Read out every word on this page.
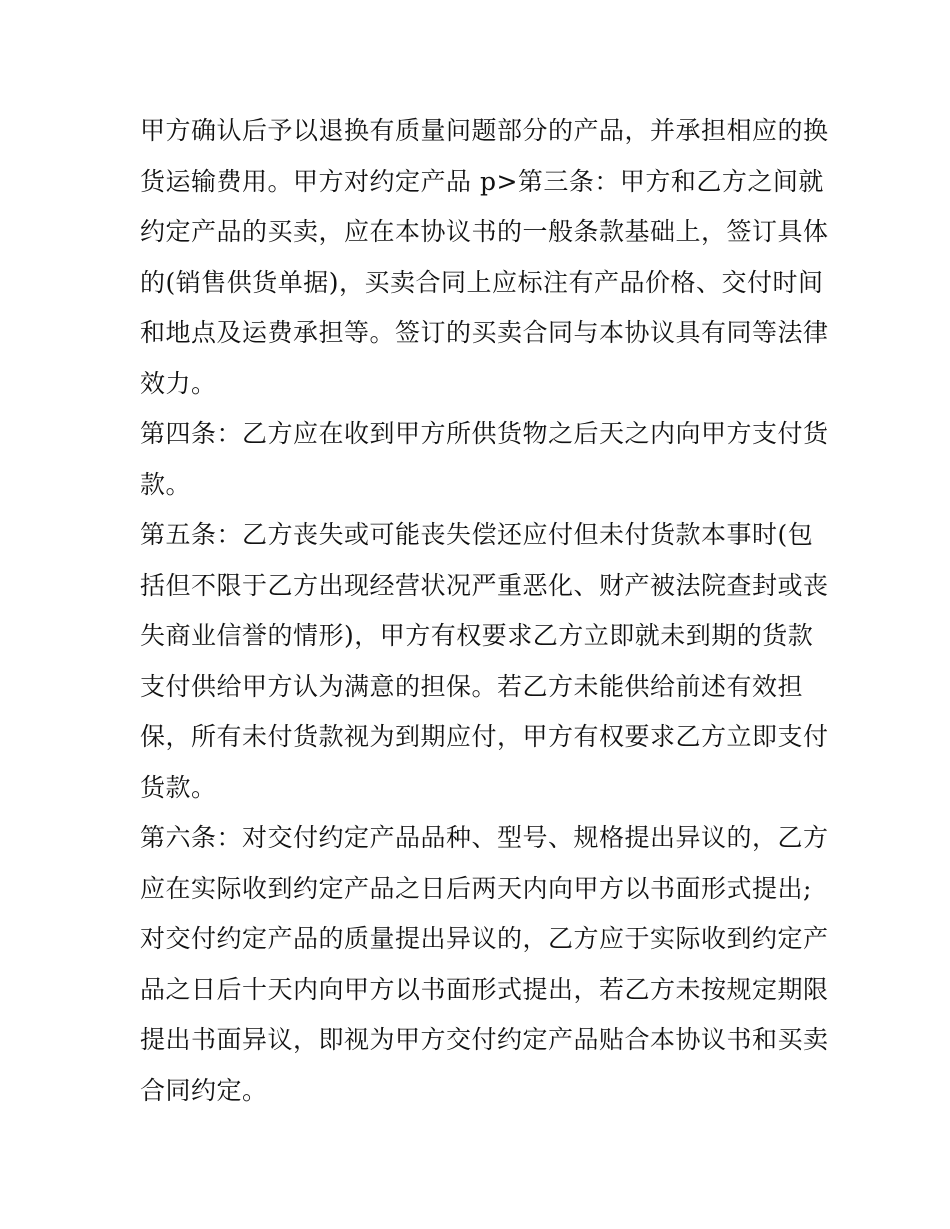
甲方确认后予以退换有质量问题部分的产品，并承担相应的换
货运输费用。甲方对约定产品 p>第三条：甲方和乙方之间就
约定产品的买卖，应在本协议书的一般条款基础上，签订具体
的(销售供货单据)，买卖合同上应标注有产品价格、交付时间
和地点及运费承担等。签订的买卖合同与本协议具有同等法律
效力。
第四条：乙方应在收到甲方所供货物之后天之内向甲方支付货
款。
第五条：乙方丧失或可能丧失偿还应付但未付货款本事时(包
括但不限于乙方出现经营状况严重恶化、财产被法院查封或丧
失商业信誉的情形)，甲方有权要求乙方立即就未到期的货款
支付供给甲方认为满意的担保。若乙方未能供给前述有效担
保，所有未付货款视为到期应付，甲方有权要求乙方立即支付
货款。
第六条：对交付约定产品品种、型号、规格提出异议的，乙方
应在实际收到约定产品之日后两天内向甲方以书面形式提出;
对交付约定产品的质量提出异议的，乙方应于实际收到约定产
品之日后十天内向甲方以书面形式提出，若乙方未按规定期限
提出书面异议，即视为甲方交付约定产品贴合本协议书和买卖
合同约定。
